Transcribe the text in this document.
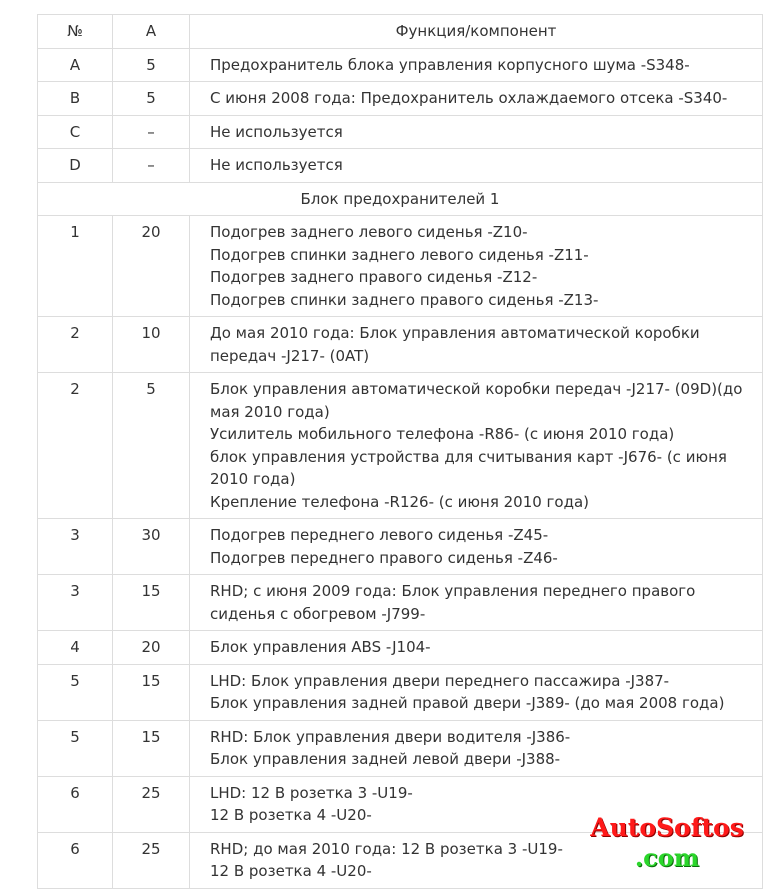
№	A	Функция/компонент
A	5	Предохранитель блока управления корпусного шума -S348-

B	5	С июня 2008 года: Предохранитель охлаждаемого отсека -S340-

C	–	Не используется

D	–	Не используется

Блок предохранителей 1		
1	20	Подогрев заднего левого сиденья -Z10-
Подогрев спинки заднего левого сиденья -Z11-
Подогрев заднего правого сиденья -Z12-
Подогрев спинки заднего правого сиденья -Z13-

2	10	До мая 2010 года: Блок управления автоматической коробки передач -J217- (0AT)

2	5	Блок управления автоматической коробки передач -J217- (09D)(до мая 2010 года)
Усилитель мобильного телефона -R86- (с июня 2010 года)
блок управления устройства для считывания карт -J676- (с июня 2010 года)
Крепление телефона -R126- (с июня 2010 года)

3	30	Подогрев переднего левого сиденья -Z45-
Подогрев переднего правого сиденья -Z46-

3	15	RHD; с июня 2009 года: Блок управления переднего правого сиденья с обогревом -J799-

4	20	Блок управления ABS -J104-

5	15	LHD: Блок управления двери переднего пассажира -J387-
Блок управления задней правой двери -J389- (до мая 2008 года)

5	15	RHD: Блок управления двери водителя -J386-
Блок управления задней левой двери -J388-

6	25	LHD: 12 В розетка 3 -U19-
12 В розетка 4 -U20-

6	25	RHD; до мая 2010 года: 12 В розетка 3 -U19-
12 В розетка 4 -U20-
AutoSoftos
.com
